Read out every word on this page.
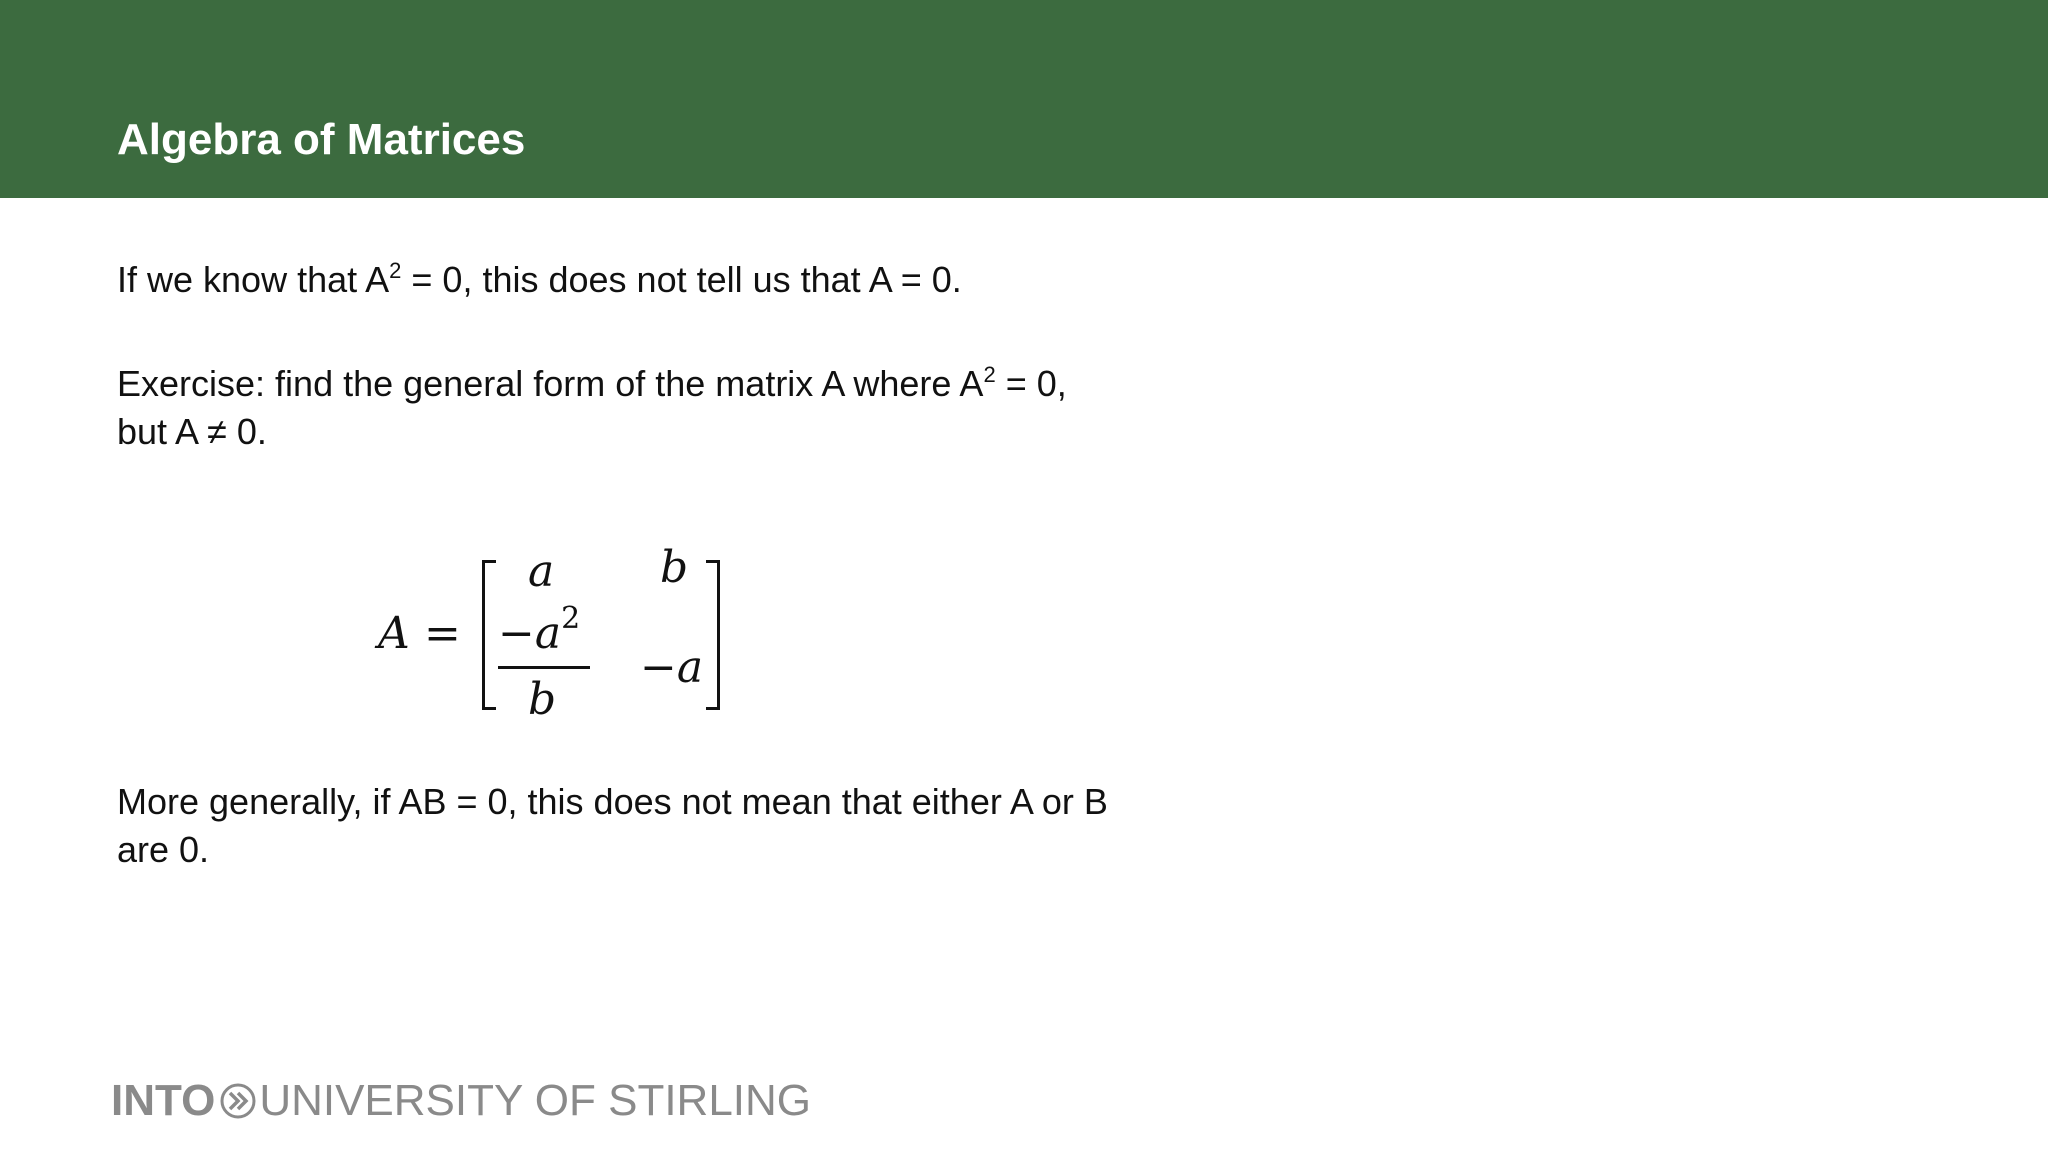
Algebra of Matrices

If we know that $A^2 = 0$, this does not tell us that A = 0.

Exercise: find the general form of the matrix A where $A^2 = 0$,
but A ≠ 0.

A =
a b
$-a^2$
b
−a

More generally, if AB = 0, this does not mean that either A or B
are 0.

INTO UNIVERSITY OF STIRLING
